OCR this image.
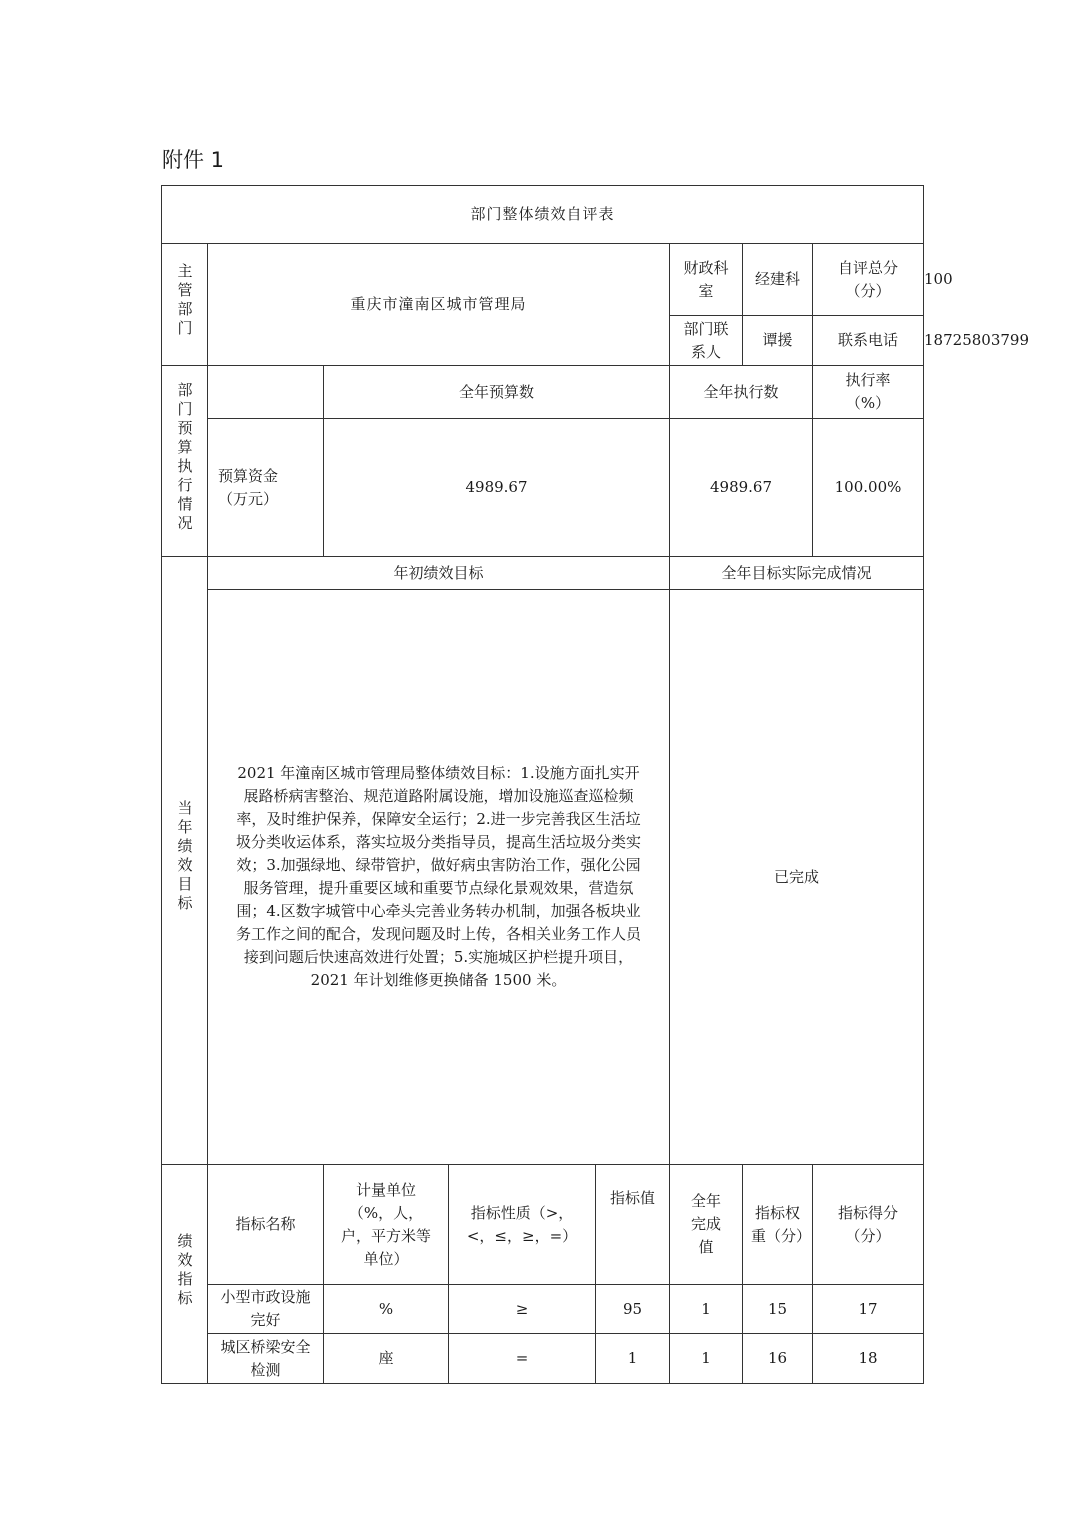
附件 1
部门整体绩效自评表								
主管部门	重庆市潼南区城市管理局				财政科室	经建科	自评总分（分）	100
					部门联系人	谭援	联系电话	18725803799
部门预算执行情况		全年预算数			全年执行数		执行率（%）	
	预算资金（万元）	4989.67			4989.67		100.00%	
当年绩效目标	年初绩效目标				全年目标实际完成情况			
	2021 年潼南区城市管理局整体绩效目标：1.设施方面扎实开展路桥病害整治、规范道路附属设施，增加设施巡查巡检频率，及时维护保养，保障安全运行；2.进一步完善我区生活垃圾分类收运体系，落实垃圾分类指导员，提高生活垃圾分类实效；3.加强绿地、绿带管护，做好病虫害防治工作，强化公园服务管理，提升重要区域和重要节点绿化景观效果，营造氛围；4.区数字城管中心牵头完善业务转办机制，加强各板块业务工作之间的配合，发现问题及时上传，各相关业务工作人员接到问题后快速高效进行处置；5.实施城区护栏提升项目，2021 年计划维修更换储备 1500 米。				已完成			
绩效指标	指标名称	计量单位（%，人，户，平方米等单位）	指标性质（>，<，≤，≥，=）	指标值	全年完成值	指标权重（分）	指标得分（分）	
	小型市政设施完好	%	≥	95	1	15	17	
	城区桥梁安全检测	座	=	1	1	16	18	
